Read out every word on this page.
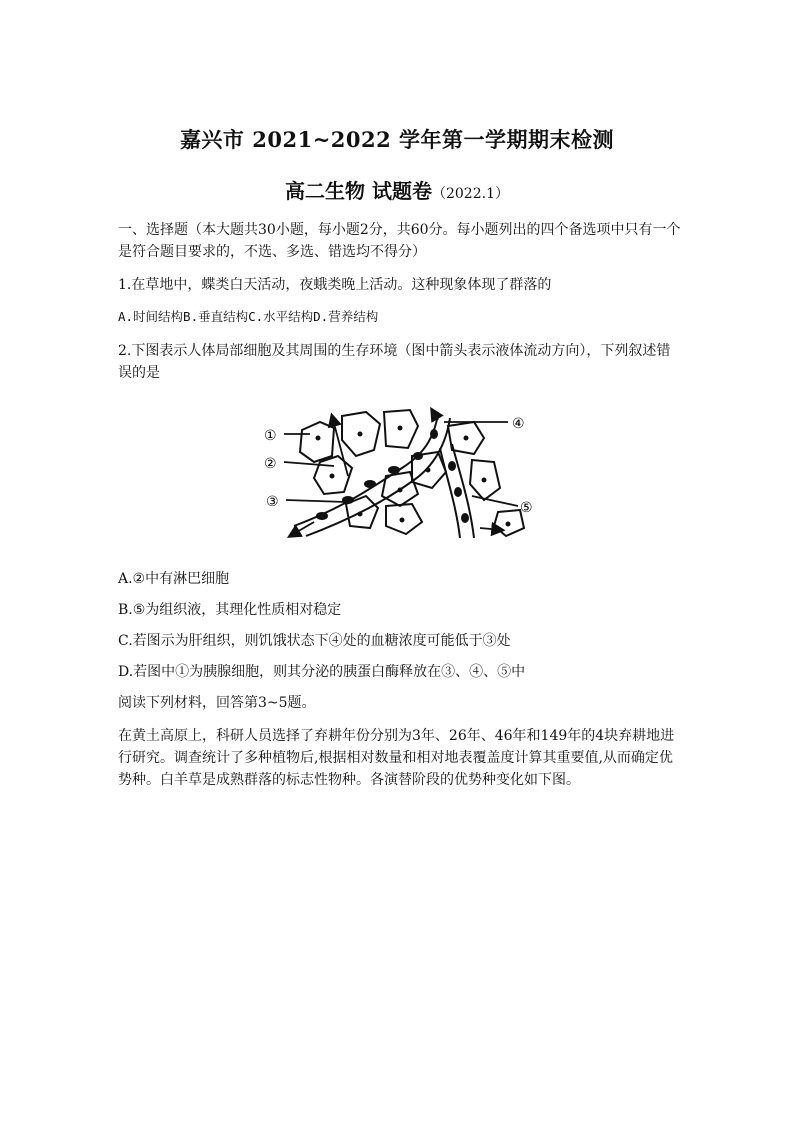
嘉兴市 2021~2022 学年第一学期期末检测
高二生物 试题卷（2022.1）
一、选择题（本大题共30小题，每小题2分，共60分。每小题列出的四个备选项中只有一个是符合题目要求的，不选、多选、错选均不得分）
1.在草地中，蝶类白天活动，夜蛾类晚上活动。这种现象体现了群落的
A.时间结构B.垂直结构C.水平结构D.营养结构
2.下图表示人体局部细胞及其周围的生存环境（图中箭头表示液体流动方向），下列叙述错误的是
①
②
③
④
⑤
A.②中有淋巴细胞
B.⑤为组织液，其理化性质相对稳定
C.若图示为肝组织，则饥饿状态下④处的血糖浓度可能低于③处
D.若图中①为胰腺细胞，则其分泌的胰蛋白酶释放在③、④、⑤中
阅读下列材料，回答第3~5题。
在黄土高原上，科研人员选择了弃耕年份分别为3年、26年、46年和149年的4块弃耕地进行研究。调查统计了多种植物后,根据相对数量和相对地表覆盖度计算其重要值,从而确定优势种。白羊草是成熟群落的标志性物种。各演替阶段的优势种变化如下图。
